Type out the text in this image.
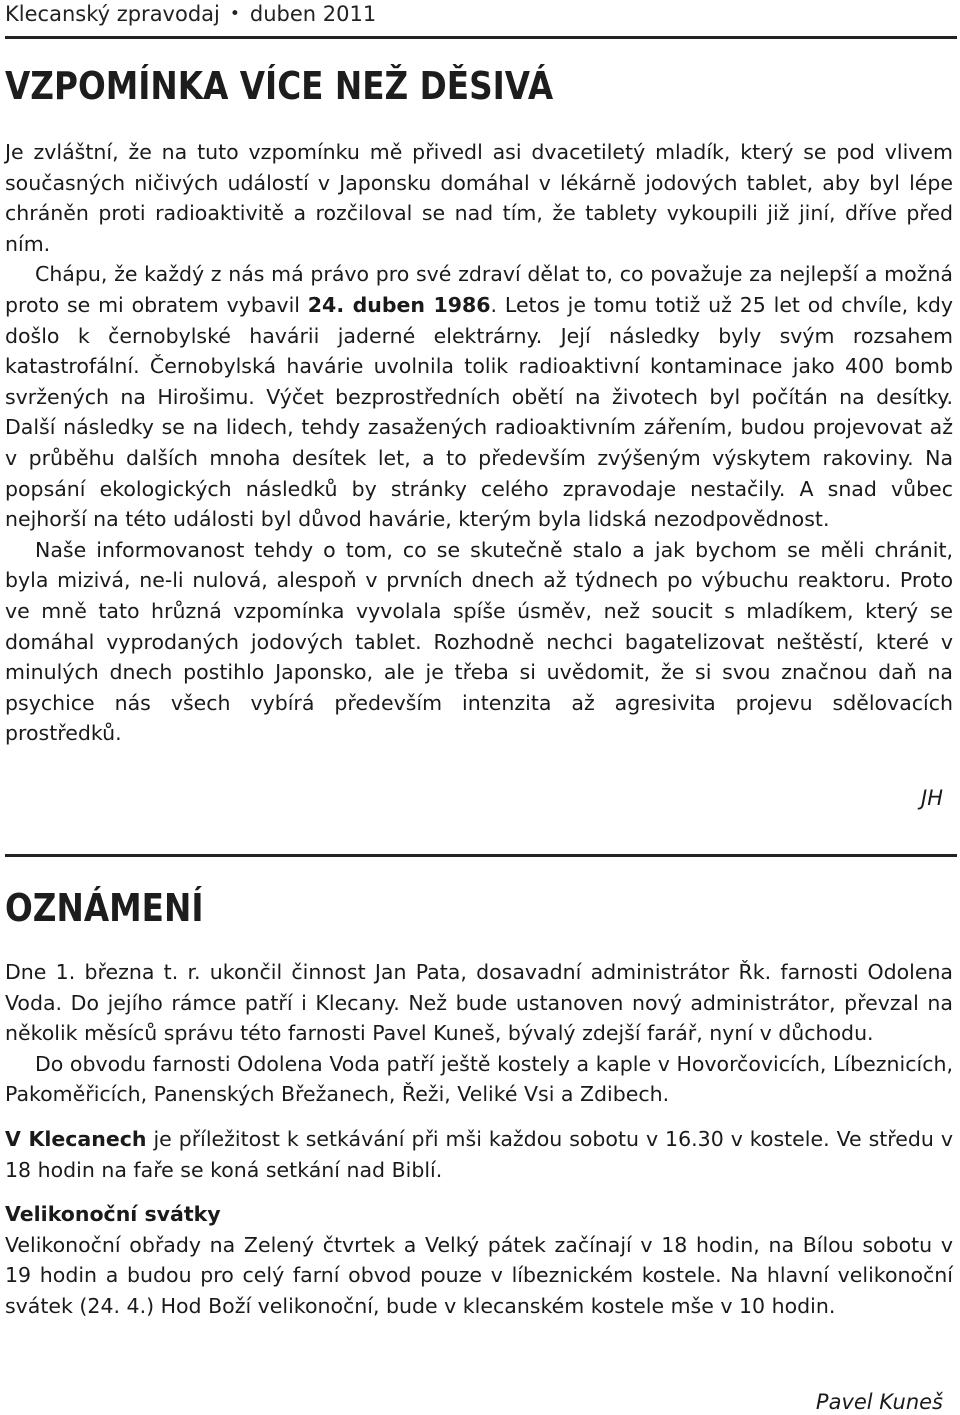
Klecanský zpravodaj • duben 2011
VZPOMÍNKA VÍCE NEŽ DĚSIVÁ

Je zvláštní, že na tuto vzpomínku mě přivedl asi dvacetiletý mladík, který se pod vlivem současných ničivých událostí v Japonsku domáhal v lékárně jodových tablet, aby byl lépe chráněn proti radioaktivitě a rozčiloval se nad tím, že tablety vykoupili již jiní, dříve před ním.

Chápu, že každý z nás má právo pro své zdraví dělat to, co považuje za nejlepší a možná proto se mi obratem vybavil 24. duben 1986. Letos je tomu totiž už 25 let od chvíle, kdy došlo k černobylské havárii jaderné elektrárny. Její následky byly svým rozsahem katastrofální. Černobylská havárie uvolnila tolik radioaktivní kontaminace jako 400 bomb svržených na Hirošimu. Výčet bezprostředních obětí na životech byl počítán na desítky. Další následky se na lidech, tehdy zasažených radioaktivním zářením, budou projevovat až v průběhu dalších mnoha desítek let, a to především zvýšeným výskytem rakoviny. Na popsání ekologických následků by stránky celého zpravodaje nestačily. A snad vůbec nejhorší na této události byl důvod havárie, kterým byla lidská nezodpovědnost.

Naše informovanost tehdy o tom, co se skutečně stalo a jak bychom se měli chránit, byla mizivá, ne-li nulová, alespoň v prvních dnech až týdnech po výbuchu reaktoru. Proto ve mně tato hrůzná vzpomínka vyvolala spíše úsměv, než soucit s mladíkem, který se domáhal vyprodaných jodových tablet. Rozhodně nechci bagatelizovat neštěstí, které v minulých dnech postihlo Japonsko, ale je třeba si uvědomit, že si svou značnou daň na psychice nás všech vybírá především intenzita až agresivita projevu sdělovacích prostředků.

JH
OZNÁMENÍ

Dne 1. března t. r. ukončil činnost Jan Pata, dosavadní administrátor Řk. farnosti Odolena Voda. Do jejího rámce patří i Klecany. Než bude ustanoven nový administrátor, převzal na několik měsíců správu této farnosti Pavel Kuneš, bývalý zdejší farář, nyní v důchodu.

Do obvodu farnosti Odolena Voda patří ještě kostely a kaple v Hovorčovicích, Líbeznicích, Pakoměřicích, Panenských Břežanech, Řeži, Veliké Vsi a Zdibech.

V Klecanech je příležitost k setkávání při mši každou sobotu v 16.30 v kostele. Ve středu v 18 hodin na faře se koná setkání nad Biblí.

Velikonoční svátky

Velikonoční obřady na Zelený čtvrtek a Velký pátek začínají v 18 hodin, na Bílou sobotu v 19 hodin a budou pro celý farní obvod pouze v líbeznickém kostele. Na hlavní velikonoční svátek (24. 4.) Hod Boží velikonoční, bude v klecanském kostele mše v 10 hodin.

Pavel Kuneš
